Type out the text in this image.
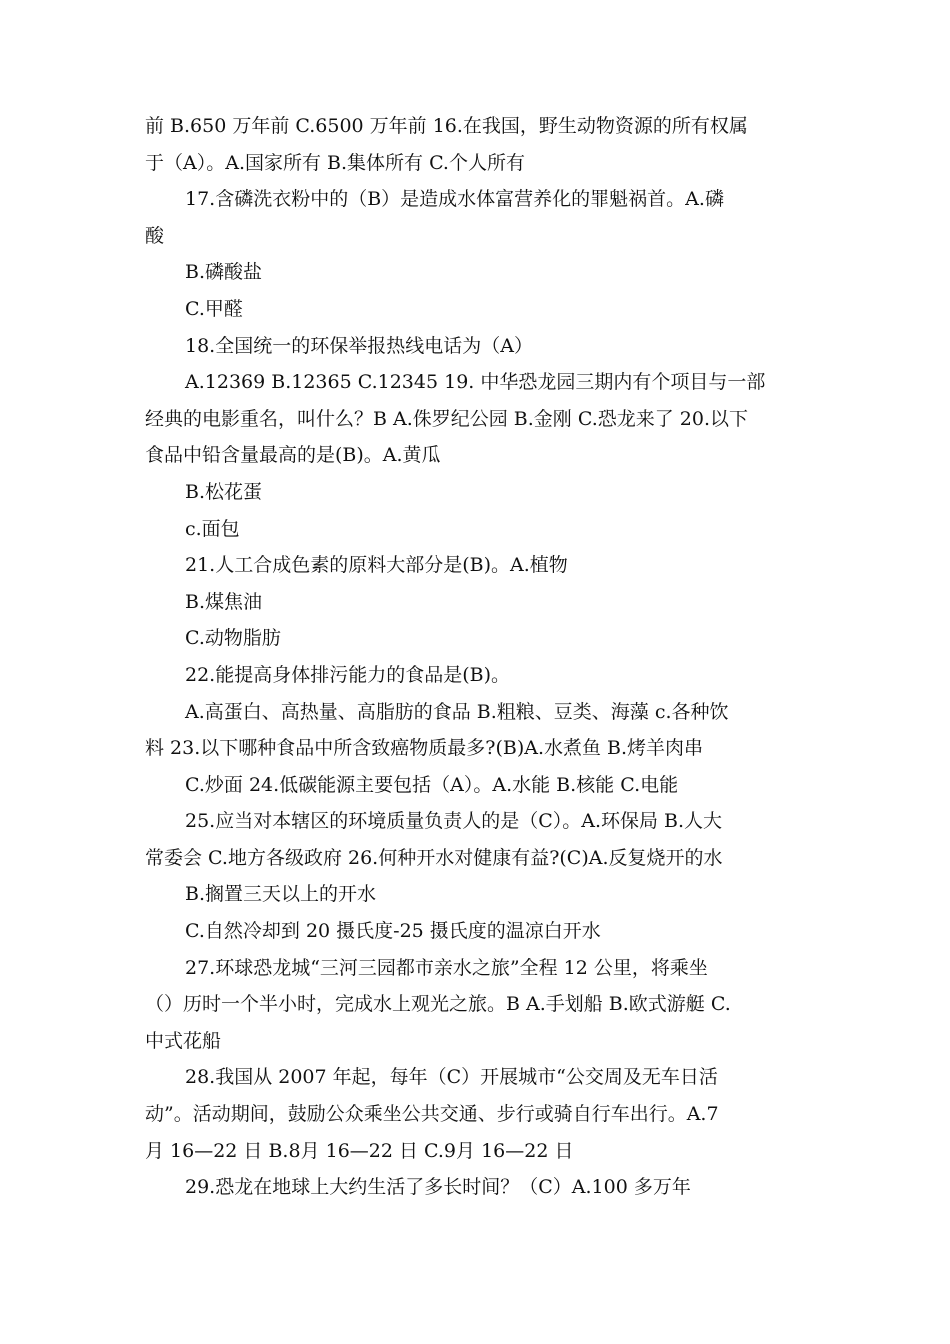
前 B.650 万年前 C.6500 万年前 16.在我国，野生动物资源的所有权属
于（A）。A.国家所有 B.集体所有 C.个人所有
17.含磷洗衣粉中的（B）是造成水体富营养化的罪魁祸首。A.磷
酸
B.磷酸盐
C.甲醛
18.全国统一的环保举报热线电话为（A）
A.12369 B.12365 C.12345 19. 中华恐龙园三期内有个项目与一部
经典的电影重名，叫什么？B A.侏罗纪公园 B.金刚 C.恐龙来了 20.以下
食品中铅含量最高的是(B)。A.黄瓜
B.松花蛋
c.面包
21.人工合成色素的原料大部分是(B)。A.植物
B.煤焦油
C.动物脂肪
22.能提高身体排污能力的食品是(B)。
A.高蛋白、高热量、高脂肪的食品 B.粗粮、豆类、海藻 c.各种饮
料 23.以下哪种食品中所含致癌物质最多?(B)A.水煮鱼 B.烤羊肉串
C.炒面 24.低碳能源主要包括（A）。A.水能 B.核能 C.电能
25.应当对本辖区的环境质量负责人的是（C）。A.环保局 B.人大
常委会 C.地方各级政府 26.何种开水对健康有益?(C)A.反复烧开的水
B.搁置三天以上的开水
C.自然冷却到 20 摄氏度-25 摄氏度的温凉白开水
27.环球恐龙城“三河三园都市亲水之旅”全程 12 公里，将乘坐
（）历时一个半小时，完成水上观光之旅。B A.手划船 B.欧式游艇 C.
中式花船
28.我国从 2007 年起，每年（C）开展城市“公交周及无车日活
动”。活动期间，鼓励公众乘坐公共交通、步行或骑自行车出行。A.7
月 16—22 日 B.8月 16—22 日 C.9月 16—22 日
29.恐龙在地球上大约生活了多长时间？（C）A.100 多万年
